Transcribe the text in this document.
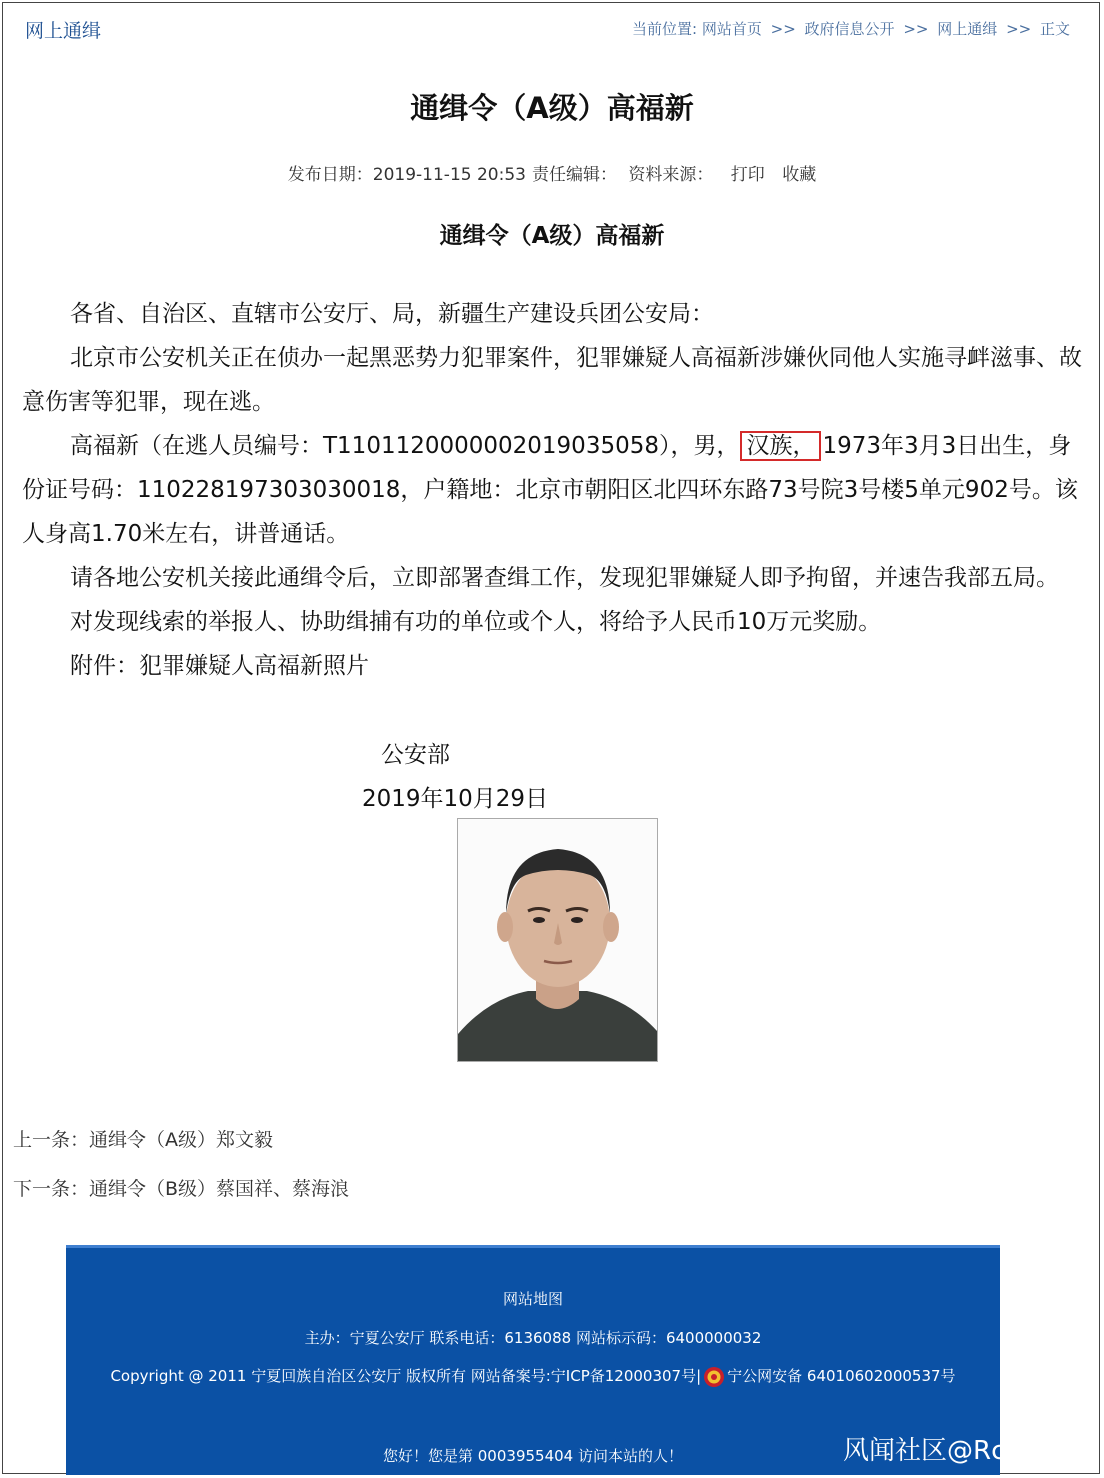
网上通缉	当前位置: 网站首页 >> 政府信息公开 >> 网上通缉 >> 正文
通缉令（A级）高福新
发布日期：2019-11-15 20:53 责任编辑： 资料来源： 打印 收藏
通缉令（A级）高福新

各省、自治区、直辖市公安厅、局，新疆生产建设兵团公安局：

北京市公安机关正在侦办一起黑恶势力犯罪案件，犯罪嫌疑人高福新涉嫌伙同他人实施寻衅滋事、故意伤害等犯罪，现在逃。

高福新（在逃人员编号：T1101120000002019035058），男， 汉族， 1973年3月3日出生，身份证号码：110228197303030018，户籍地：北京市朝阳区北四环东路73号院3号楼5单元902号。该人身高1.70米左右，讲普通话。

请各地公安机关接此通缉令后，立即部署查缉工作，发现犯罪嫌疑人即予拘留，并速告我部五局。

对发现线索的举报人、协助缉捕有功的单位或个人，将给予人民币10万元奖励。

附件：犯罪嫌疑人高福新照片

公安部
2019年10月29日
上一条：通缉令（A级）郑文毅
下一条：通缉令（B级）蔡国祥、蔡海浪
网站地图
主办：宁夏公安厅 联系电话：6136088 网站标示码：6400000032
Copyright @ 2011 宁夏回族自治区公安厅 版权所有 网站备案号:宁ICP备12000307号| 宁公网安备 64010602000537号
您好！您是第 0003955404 访问本站的人！	风闻社区@Rc
